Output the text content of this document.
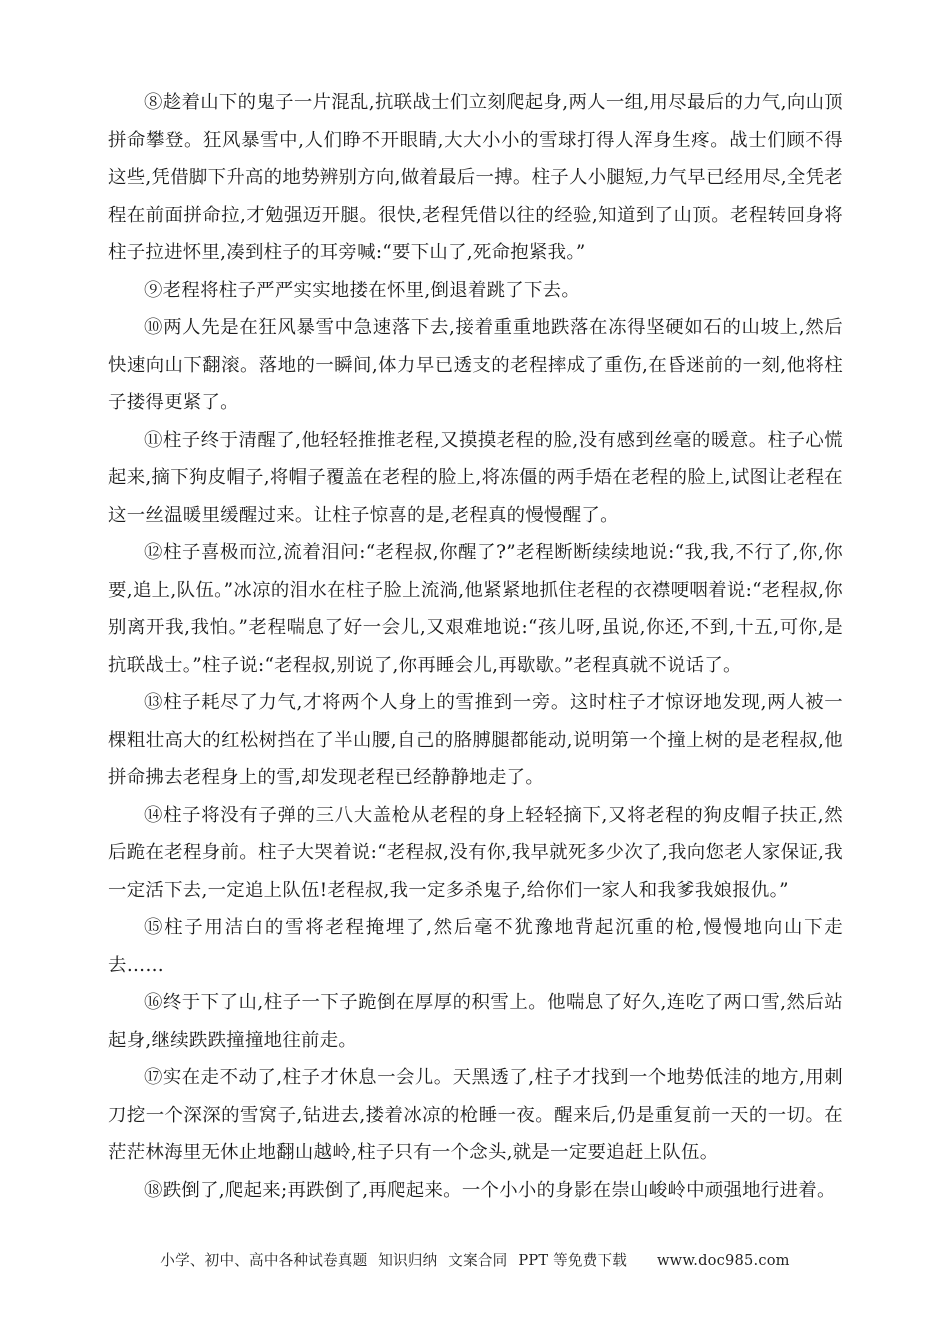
⑧趁着山下的鬼子一片混乱,抗联战士们立刻爬起身,两人一组,用尽最后的力气,向山顶拼命攀登。狂风暴雪中,人们睁不开眼睛,大大小小的雪球打得人浑身生疼。战士们顾不得这些,凭借脚下升高的地势辨别方向,做着最后一搏。柱子人小腿短,力气早已经用尽,全凭老程在前面拼命拉,才勉强迈开腿。很快,老程凭借以往的经验,知道到了山顶。老程转回身将柱子拉进怀里,凑到柱子的耳旁喊:“要下山了,死命抱紧我。”

⑨老程将柱子严严实实地搂在怀里,倒退着跳了下去。

⑩两人先是在狂风暴雪中急速落下去,接着重重地跌落在冻得坚硬如石的山坡上,然后快速向山下翻滚。落地的一瞬间,体力早已透支的老程摔成了重伤,在昏迷前的一刻,他将柱子搂得更紧了。

⑪柱子终于清醒了,他轻轻推推老程,又摸摸老程的脸,没有感到丝毫的暖意。柱子心慌起来,摘下狗皮帽子,将帽子覆盖在老程的脸上,将冻僵的两手焐在老程的脸上,试图让老程在这一丝温暖里缓醒过来。让柱子惊喜的是,老程真的慢慢醒了。

⑫柱子喜极而泣,流着泪问:“老程叔,你醒了?”老程断断续续地说:“我,我,不行了,你,你要,追上,队伍。”冰凉的泪水在柱子脸上流淌,他紧紧地抓住老程的衣襟哽咽着说:“老程叔,你别离开我,我怕。”老程喘息了好一会儿,又艰难地说:“孩儿呀,虽说,你还,不到,十五,可你,是抗联战士。”柱子说:“老程叔,别说了,你再睡会儿,再歇歇。”老程真就不说话了。

⑬柱子耗尽了力气,才将两个人身上的雪推到一旁。这时柱子才惊讶地发现,两人被一棵粗壮高大的红松树挡在了半山腰,自己的胳膊腿都能动,说明第一个撞上树的是老程叔,他拼命拂去老程身上的雪,却发现老程已经静静地走了。

⑭柱子将没有子弹的三八大盖枪从老程的身上轻轻摘下,又将老程的狗皮帽子扶正,然后跪在老程身前。柱子大哭着说:“老程叔,没有你,我早就死多少次了,我向您老人家保证,我一定活下去,一定追上队伍!老程叔,我一定多杀鬼子,给你们一家人和我爹我娘报仇。”

⑮柱子用洁白的雪将老程掩埋了,然后毫不犹豫地背起沉重的枪,慢慢地向山下走去……

⑯终于下了山,柱子一下子跪倒在厚厚的积雪上。他喘息了好久,连吃了两口雪,然后站起身,继续跌跌撞撞地往前走。

⑰实在走不动了,柱子才休息一会儿。天黑透了,柱子才找到一个地势低洼的地方,用刺刀挖一个深深的雪窝子,钻进去,搂着冰凉的枪睡一夜。醒来后,仍是重复前一天的一切。在茫茫林海里无休止地翻山越岭,柱子只有一个念头,就是一定要追赶上队伍。

⑱跌倒了,爬起来;再跌倒了,再爬起来。一个小小的身影在崇山峻岭中顽强地行进着。

小学、初中、高中各种试卷真题 知识归纳 文案合同 PPT 等免费下载 www.doc985.com
